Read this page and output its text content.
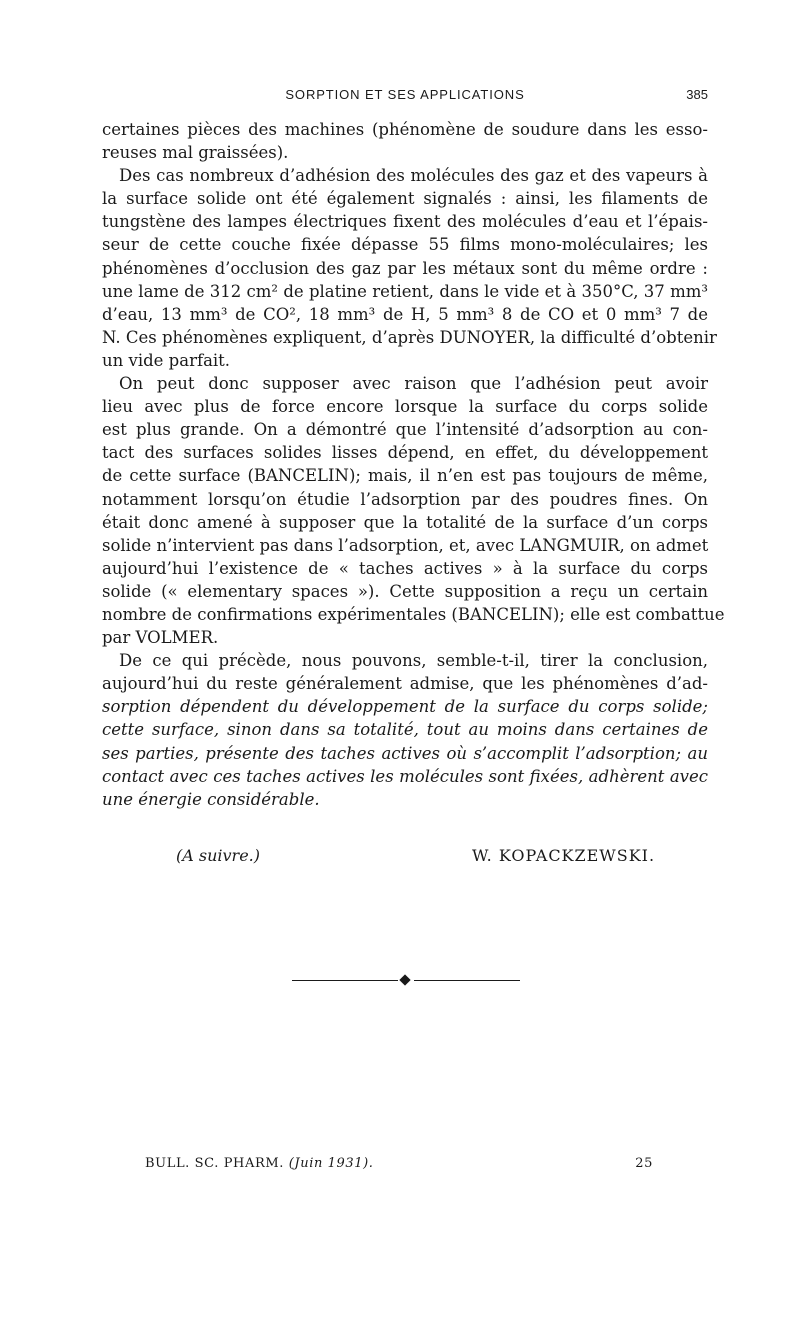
SORPTION ET SES APPLICATIONS	385
certaines pièces des machines (phénomène de soudure dans les esso-
reuses mal graissées).
Des cas nombreux d’adhésion des molécules des gaz et des vapeurs à
la surface solide ont été également signalés : ainsi, les filaments de
tungstène des lampes électriques fixent des molécules d’eau et l’épais-
seur de cette couche fixée dépasse 55 films mono-moléculaires; les
phénomènes d’occlusion des gaz par les métaux sont du même ordre :
une lame de 312 cm² de platine retient, dans le vide et à 350°C, 37 mm³
d’eau, 13 mm³ de CO², 18 mm³ de H, 5 mm³ 8 de CO et 0 mm³ 7 de
N. Ces phénomènes expliquent, d’après DUNOYER, la difficulté d’obtenir
un vide parfait.
On peut donc supposer avec raison que l’adhésion peut avoir
lieu avec plus de force encore lorsque la surface du corps solide
est plus grande. On a démontré que l’intensité d’adsorption au con-
tact des surfaces solides lisses dépend, en effet, du développement
de cette surface (BANCELIN); mais, il n’en est pas toujours de même,
notamment lorsqu’on étudie l’adsorption par des poudres fines. On
était donc amené à supposer que la totalité de la surface d’un corps
solide n’intervient pas dans l’adsorption, et, avec LANGMUIR, on admet
aujourd’hui l’existence de « taches actives » à la surface du corps
solide (« elementary spaces »). Cette supposition a reçu un certain
nombre de confirmations expérimentales (BANCELIN); elle est combattue
par VOLMER.
De ce qui précède, nous pouvons, semble-t-il, tirer la conclusion,
aujourd’hui du reste généralement admise, que les phénomènes d’ad-
sorption dépendent du développement de la surface du corps solide;
cette surface, sinon dans sa totalité, tout au moins dans certaines de
ses parties, présente des taches actives où s’accomplit l’adsorption; au
contact avec ces taches actives les molécules sont fixées, adhèrent avec
une énergie considérable.
(A suivre.)	W. KOPACKZEWSKI.
BULL. SC. PHARM. (Juin 1931).	25
